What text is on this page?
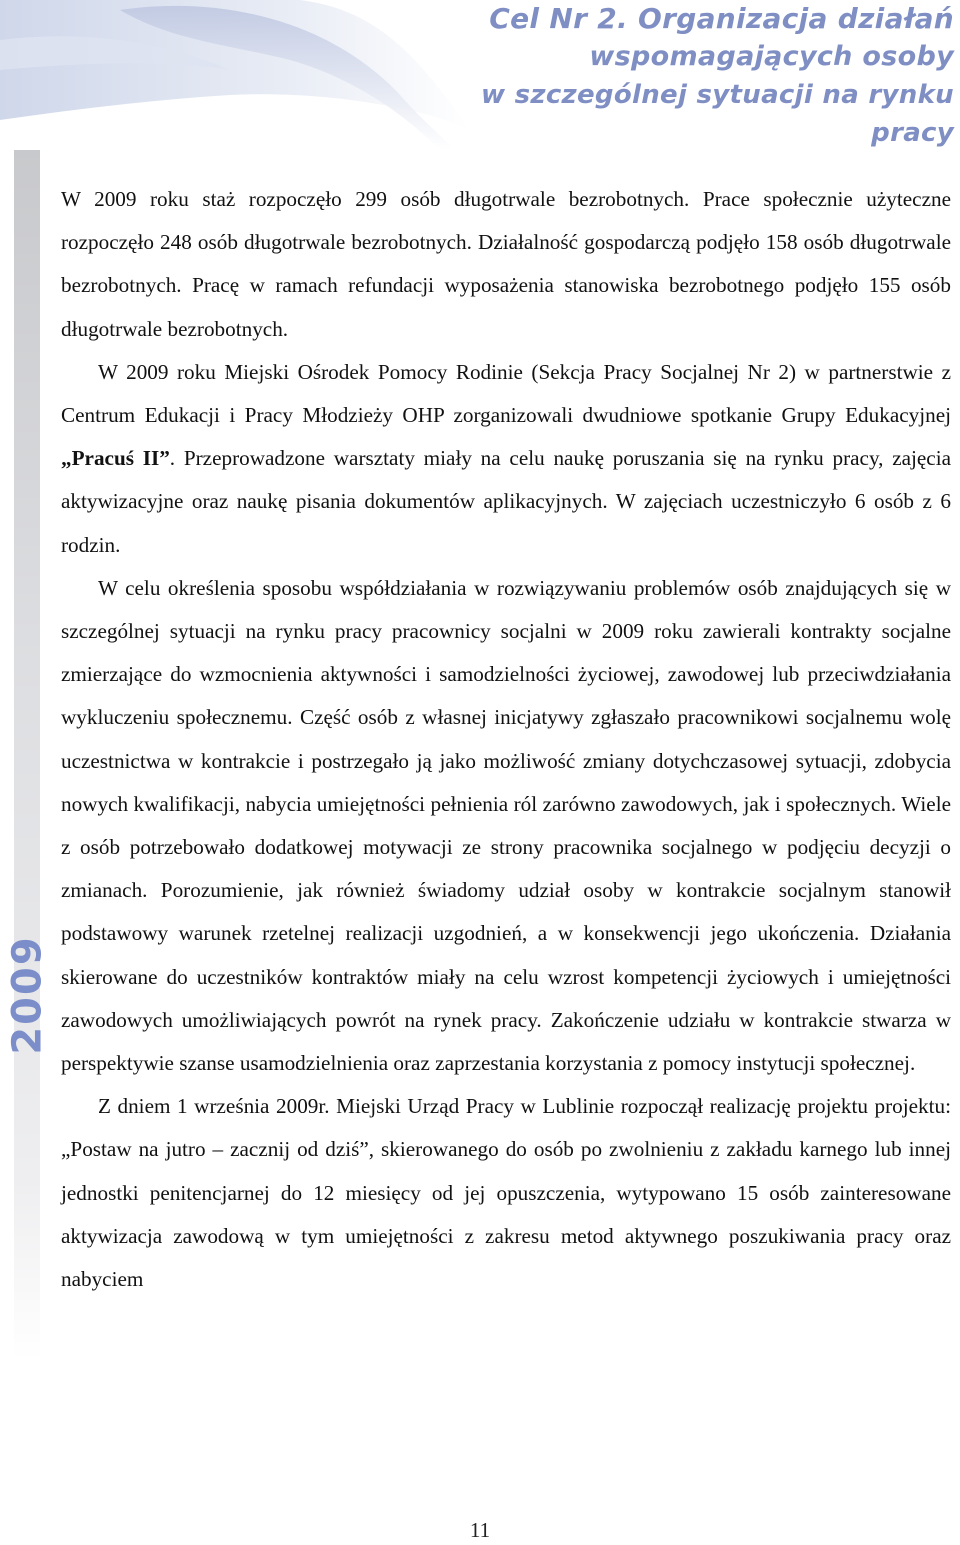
Cel Nr 2. Organizacja działań
wspomagających osoby
w szczególnej sytuacji na rynku pracy
2009

W 2009 roku staż rozpoczęło 299 osób długotrwale bezrobotnych. Prace społecznie użyteczne rozpoczęło 248 osób długotrwale bezrobotnych. Działalność gospodarczą podjęło 158 osób długotrwale bezrobotnych. Pracę w ramach refundacji wyposażenia stanowiska bezrobotnego podjęło 155 osób długotrwale bezrobotnych.

W 2009 roku Miejski Ośrodek Pomocy Rodinie (Sekcja Pracy Socjalnej Nr 2) w partnerstwie z Centrum Edukacji i Pracy Młodzieży OHP zorganizowali dwudniowe spotkanie Grupy Edukacyjnej „Pracuś II”. Przeprowadzone warsztaty miały na celu naukę poruszania się na rynku pracy, zajęcia aktywizacyjne oraz naukę pisania dokumentów aplikacyjnych. W zajęciach uczestniczyło 6 osób z 6 rodzin.

W celu określenia sposobu współdziałania w rozwiązywaniu problemów osób znajdujących się w szczególnej sytuacji na rynku pracy pracownicy socjalni w 2009 roku zawierali kontrakty socjalne zmierzające do wzmocnienia aktywności i samodzielności życiowej, zawodowej lub przeciwdziałania wykluczeniu społecznemu. Część osób z własnej inicjatywy zgłaszało pracownikowi socjalnemu wolę uczestnictwa w kontrakcie i postrzegało ją jako możliwość zmiany dotychczasowej sytuacji, zdobycia nowych kwalifikacji, nabycia umiejętności pełnienia ról zarówno zawodowych, jak i społecznych. Wiele z osób potrzebowało dodatkowej motywacji ze strony pracownika socjalnego w podjęciu decyzji o zmianach. Porozumienie, jak również świadomy udział osoby w kontrakcie socjalnym stanowił podstawowy warunek rzetelnej realizacji uzgodnień, a w konsekwencji jego ukończenia. Działania skierowane do uczestników kontraktów miały na celu wzrost kompetencji życiowych i umiejętności zawodowych umożliwiających powrót na rynek pracy. Zakończenie udziału w kontrakcie stwarza w perspektywie szanse usamodzielnienia oraz zaprzestania korzystania z pomocy instytucji społecznej.

Z dniem 1 września 2009r. Miejski Urząd Pracy w Lublinie rozpoczął realizację projektu projektu: „Postaw na jutro – zacznij od dziś”, skierowanego do osób po zwolnieniu z zakładu karnego lub innej jednostki penitencjarnej do 12 miesięcy od jej opuszczenia, wytypowano 15 osób zainteresowane aktywizacja zawodową w tym umiejętności z zakresu metod aktywnego poszukiwania pracy oraz nabyciem

11
